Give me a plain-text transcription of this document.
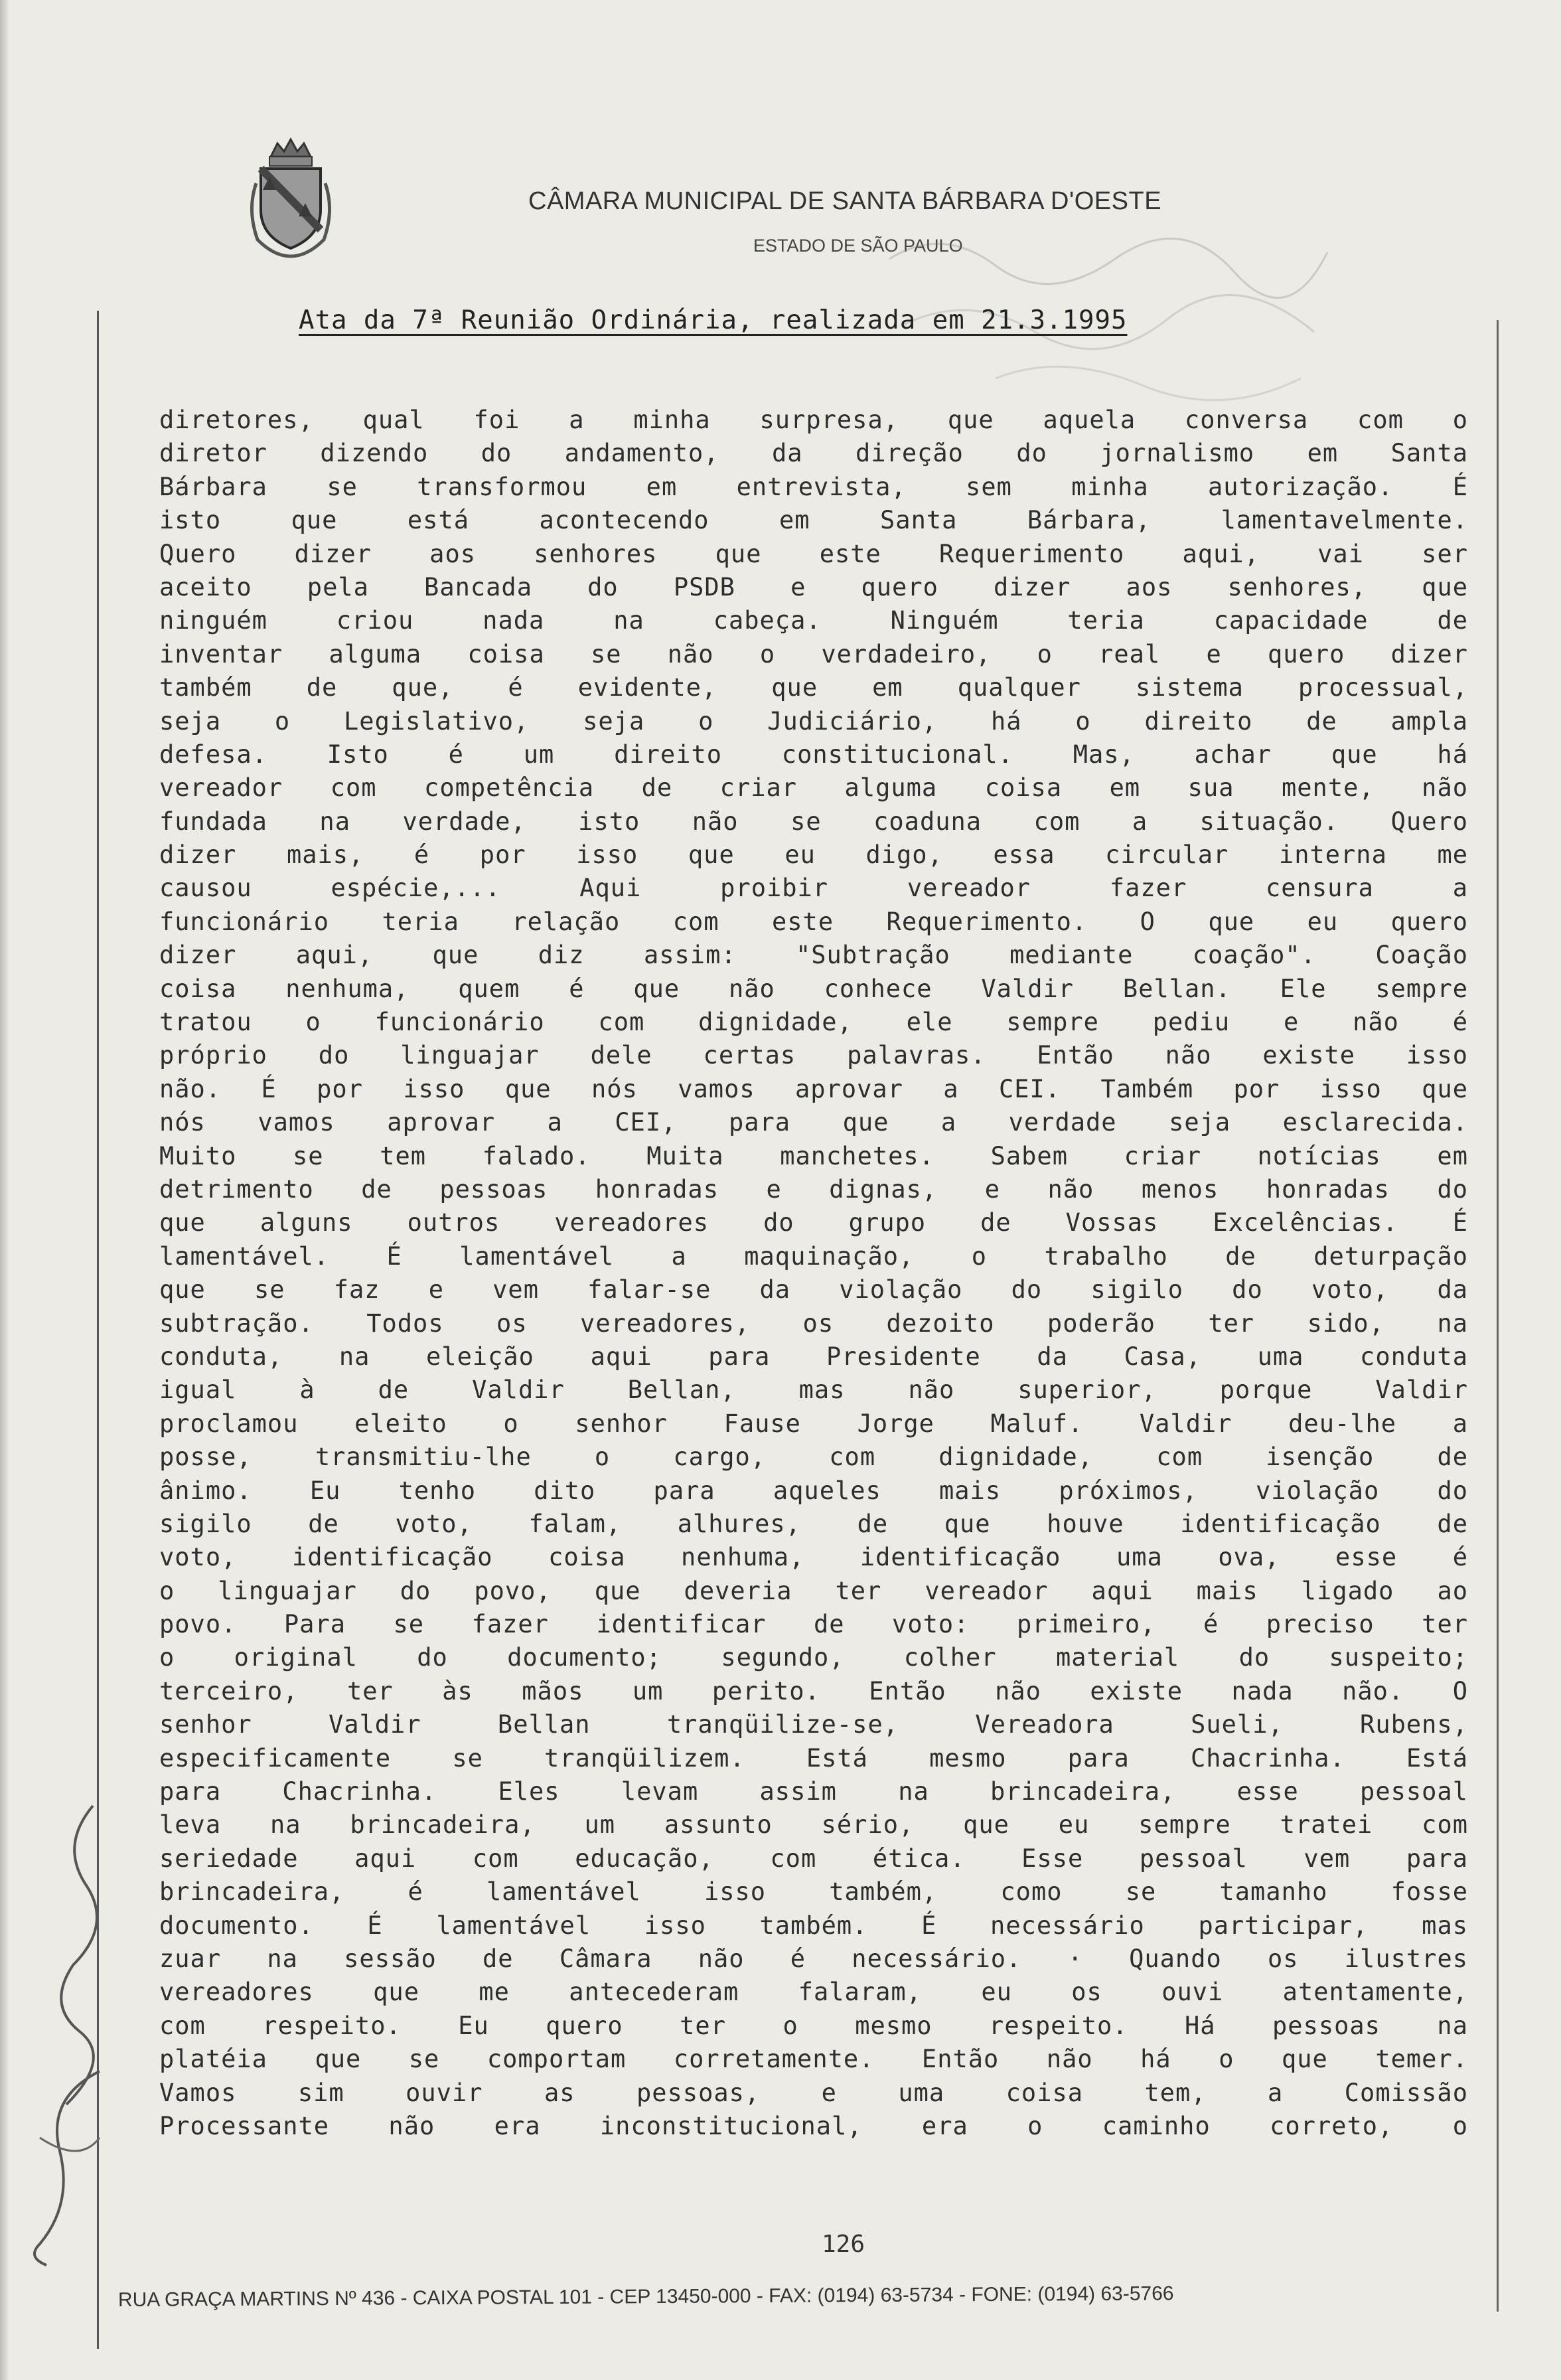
CÂMARA MUNICIPAL DE SANTA BÁRBARA D'OESTE
ESTADO DE SÃO PAULO
Ata da 7ª Reunião Ordinária, realizada em 21.3.1995
diretores, qual foi a minha surpresa, que aquela conversa com o
diretor dizendo do andamento, da direção do jornalismo em Santa
Bárbara se transformou em entrevista, sem minha autorização. É
isto que está acontecendo em Santa Bárbara, lamentavelmente.
Quero dizer aos senhores que este Requerimento aqui, vai ser
aceito pela Bancada do PSDB e quero dizer aos senhores, que
ninguém criou nada na cabeça. Ninguém teria capacidade de
inventar alguma coisa se não o verdadeiro, o real e quero dizer
também de que, é evidente, que em qualquer sistema processual,
seja o Legislativo, seja o Judiciário, há o direito de ampla
defesa. Isto é um direito constitucional. Mas, achar que há
vereador com competência de criar alguma coisa em sua mente, não
fundada na verdade, isto não se coaduna com a situação. Quero
dizer mais, é por isso que eu digo, essa circular interna me
causou espécie,... Aqui proibir vereador fazer censura a
funcionário teria relação com este Requerimento. O que eu quero
dizer aqui, que diz assim: "Subtração mediante coação". Coação
coisa nenhuma, quem é que não conhece Valdir Bellan. Ele sempre
tratou o funcionário com dignidade, ele sempre pediu e não é
próprio do linguajar dele certas palavras. Então não existe isso
não. É por isso que nós vamos aprovar a CEI. Também por isso que
nós vamos aprovar a CEI, para que a verdade seja esclarecida.
Muito se tem falado. Muita manchetes. Sabem criar notícias em
detrimento de pessoas honradas e dignas, e não menos honradas do
que alguns outros vereadores do grupo de Vossas Excelências. É
lamentável. É lamentável a maquinação, o trabalho de deturpação
que se faz e vem falar-se da violação do sigilo do voto, da
subtração. Todos os vereadores, os dezoito poderão ter sido, na
conduta, na eleição aqui para Presidente da Casa, uma conduta
igual à de Valdir Bellan, mas não superior, porque Valdir
proclamou eleito o senhor Fause Jorge Maluf. Valdir deu-lhe a
posse, transmitiu-lhe o cargo, com dignidade, com isenção de
ânimo. Eu tenho dito para aqueles mais próximos, violação do
sigilo de voto, falam, alhures, de que houve identificação de
voto, identificação coisa nenhuma, identificação uma ova, esse é
o linguajar do povo, que deveria ter vereador aqui mais ligado ao
povo. Para se fazer identificar de voto: primeiro, é preciso ter
o original do documento; segundo, colher material do suspeito;
terceiro, ter às mãos um perito. Então não existe nada não. O
senhor Valdir Bellan tranqüilize-se, Vereadora Sueli, Rubens,
especificamente se tranqüilizem. Está mesmo para Chacrinha. Está
para Chacrinha. Eles levam assim na brincadeira, esse pessoal
leva na brincadeira, um assunto sério, que eu sempre tratei com
seriedade aqui com educação, com ética. Esse pessoal vem para
brincadeira, é lamentável isso também, como se tamanho fosse
documento. É lamentável isso também. É necessário participar, mas
zuar na sessão de Câmara não é necessário. · Quando os ilustres
vereadores que me antecederam falaram, eu os ouvi atentamente,
com respeito. Eu quero ter o mesmo respeito. Há pessoas na
platéia que se comportam corretamente. Então não há o que temer.
Vamos sim ouvir as pessoas, e uma coisa tem, a Comissão
Processante não era inconstitucional, era o caminho correto, o
126
RUA GRAÇA MARTINS Nº 436 - CAIXA POSTAL 101 - CEP 13450-000 - FAX: (0194) 63-5734 - FONE: (0194) 63-5766
